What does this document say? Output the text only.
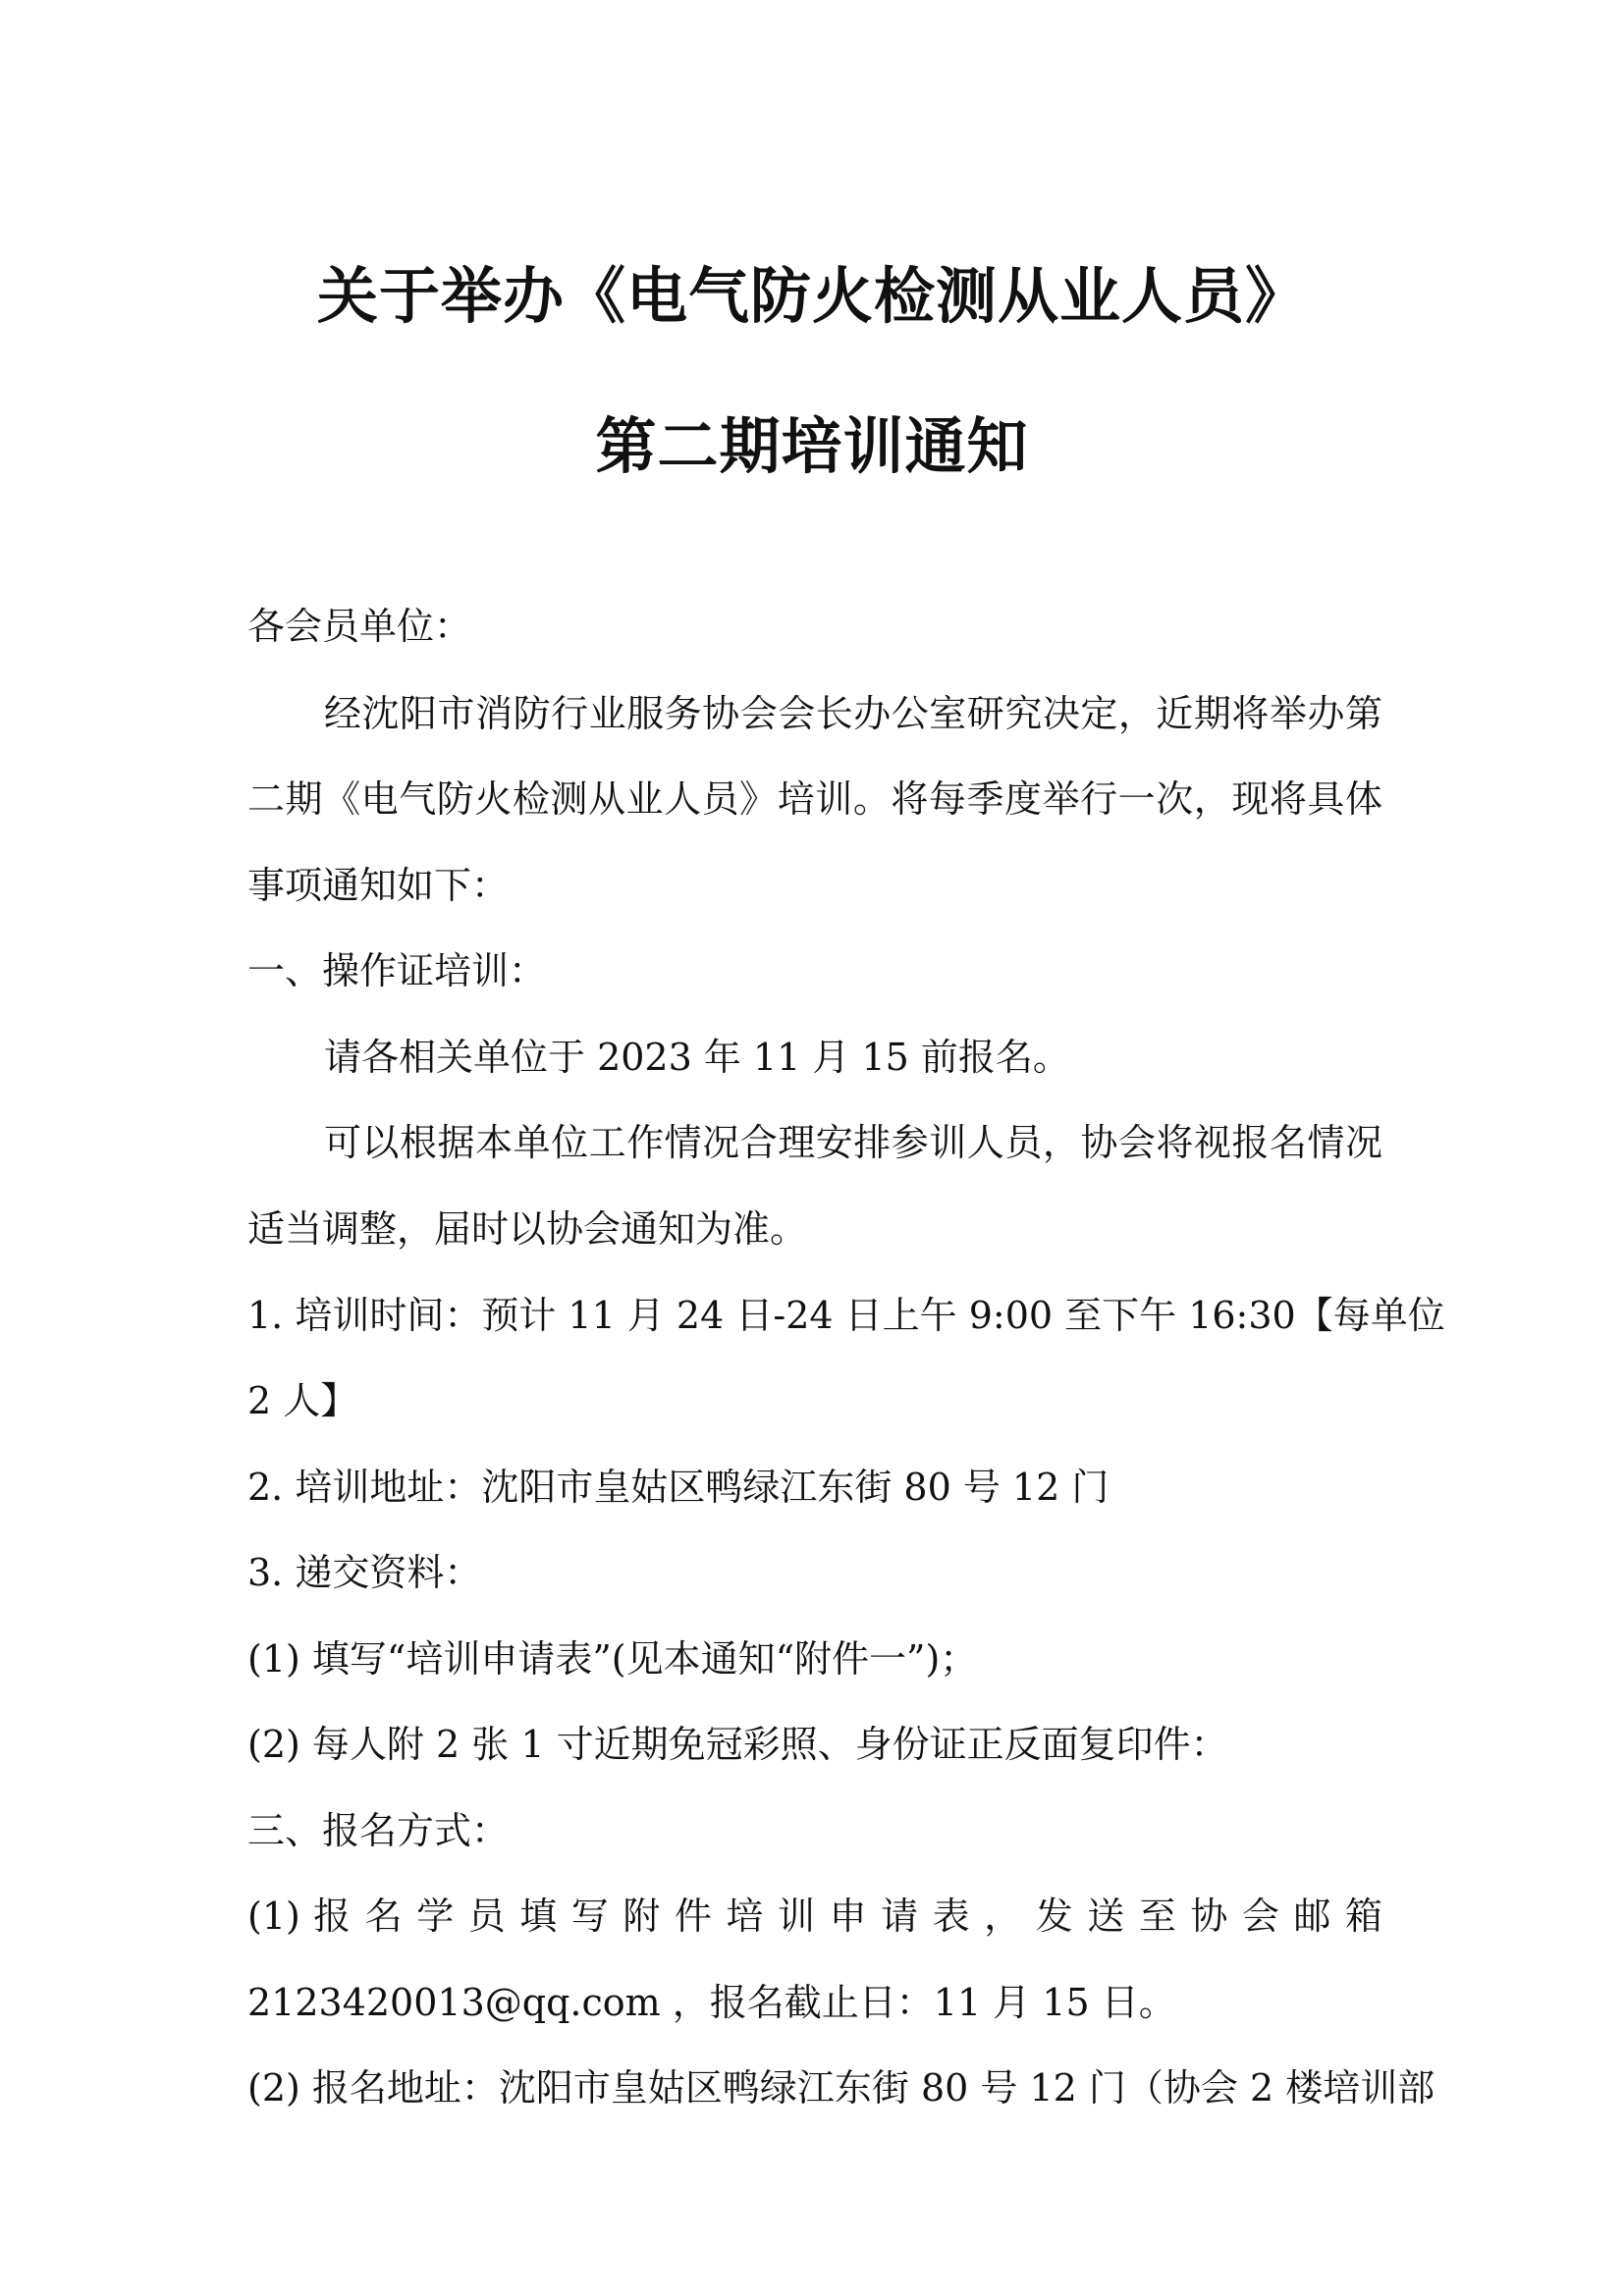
关于举办《电气防火检测从业人员》
第二期培训通知
各会员单位：
经沈阳市消防行业服务协会会长办公室研究决定，近期将举办第
二期《电气防火检测从业人员》培训。将每季度举行一次，现将具体
事项通知如下：
一、操作证培训：
请各相关单位于 2023 年 11 月 15 前报名。
可以根据本单位工作情况合理安排参训人员，协会将视报名情况
适当调整，届时以协会通知为准。
1. 培训时间：预计 11 月 24 日-24 日上午 9:00 至下午 16:30【每单位
2 人】
2. 培训地址：沈阳市皇姑区鸭绿江东街 80 号 12 门
3. 递交资料：
(1) 填写“培训申请表”(见本通知“附件一”)；
(2) 每人附 2 张 1 寸近期免冠彩照、身份证正反面复印件：
三、报名方式：
(1) 报 名 学 员 填 写 附 件 培 训 申 请 表 ， 发 送 至 协 会 邮 箱
2123420013@qq.com ，报名截止日：11 月 15 日。
(2) 报名地址：沈阳市皇姑区鸭绿江东街 80 号 12 门（协会 2 楼培训部
